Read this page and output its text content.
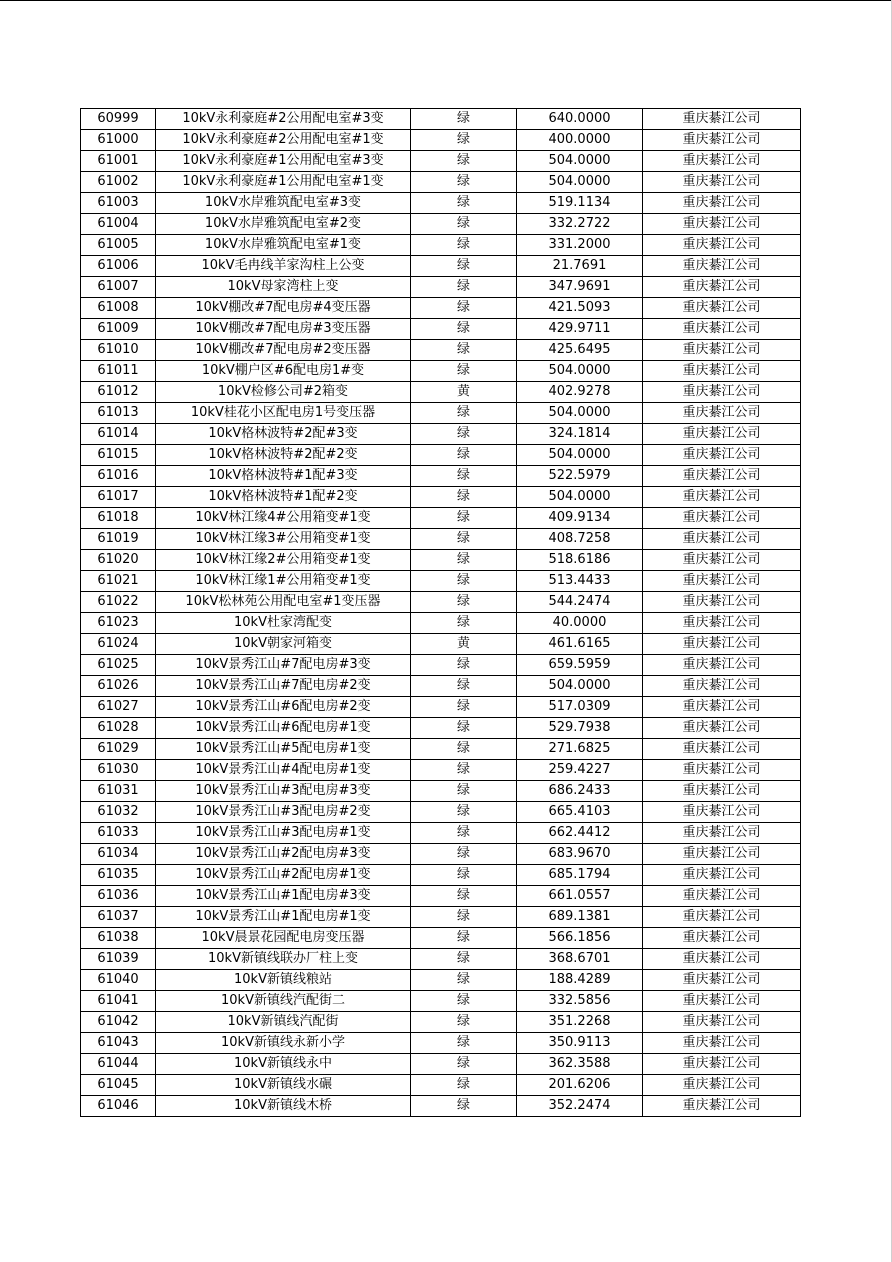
60999	10kV永利豪庭#2公用配电室#3变	绿	640.0000	重庆綦江公司
61000	10kV永利豪庭#2公用配电室#1变	绿	400.0000	重庆綦江公司
61001	10kV永利豪庭#1公用配电室#3变	绿	504.0000	重庆綦江公司
61002	10kV永利豪庭#1公用配电室#1变	绿	504.0000	重庆綦江公司
61003	10kV水岸雅筑配电室#3变	绿	519.1134	重庆綦江公司
61004	10kV水岸雅筑配电室#2变	绿	332.2722	重庆綦江公司
61005	10kV水岸雅筑配电室#1变	绿	331.2000	重庆綦江公司
61006	10kV毛冉线羊家沟柱上公变	绿	21.7691	重庆綦江公司
61007	10kV母家湾柱上变	绿	347.9691	重庆綦江公司
61008	10kV棚改#7配电房#4变压器	绿	421.5093	重庆綦江公司
61009	10kV棚改#7配电房#3变压器	绿	429.9711	重庆綦江公司
61010	10kV棚改#7配电房#2变压器	绿	425.6495	重庆綦江公司
61011	10kV棚户区#6配电房1#变	绿	504.0000	重庆綦江公司
61012	10kV检修公司#2箱变	黄	402.9278	重庆綦江公司
61013	10kV桂花小区配电房1号变压器	绿	504.0000	重庆綦江公司
61014	10kV格林波特#2配#3变	绿	324.1814	重庆綦江公司
61015	10kV格林波特#2配#2变	绿	504.0000	重庆綦江公司
61016	10kV格林波特#1配#3变	绿	522.5979	重庆綦江公司
61017	10kV格林波特#1配#2变	绿	504.0000	重庆綦江公司
61018	10kV林江缘4#公用箱变#1变	绿	409.9134	重庆綦江公司
61019	10kV林江缘3#公用箱变#1变	绿	408.7258	重庆綦江公司
61020	10kV林江缘2#公用箱变#1变	绿	518.6186	重庆綦江公司
61021	10kV林江缘1#公用箱变#1变	绿	513.4433	重庆綦江公司
61022	10kV松林苑公用配电室#1变压器	绿	544.2474	重庆綦江公司
61023	10kV杜家湾配变	绿	40.0000	重庆綦江公司
61024	10kV朝家河箱变	黄	461.6165	重庆綦江公司
61025	10kV景秀江山#7配电房#3变	绿	659.5959	重庆綦江公司
61026	10kV景秀江山#7配电房#2变	绿	504.0000	重庆綦江公司
61027	10kV景秀江山#6配电房#2变	绿	517.0309	重庆綦江公司
61028	10kV景秀江山#6配电房#1变	绿	529.7938	重庆綦江公司
61029	10kV景秀江山#5配电房#1变	绿	271.6825	重庆綦江公司
61030	10kV景秀江山#4配电房#1变	绿	259.4227	重庆綦江公司
61031	10kV景秀江山#3配电房#3变	绿	686.2433	重庆綦江公司
61032	10kV景秀江山#3配电房#2变	绿	665.4103	重庆綦江公司
61033	10kV景秀江山#3配电房#1变	绿	662.4412	重庆綦江公司
61034	10kV景秀江山#2配电房#3变	绿	683.9670	重庆綦江公司
61035	10kV景秀江山#2配电房#1变	绿	685.1794	重庆綦江公司
61036	10kV景秀江山#1配电房#3变	绿	661.0557	重庆綦江公司
61037	10kV景秀江山#1配电房#1变	绿	689.1381	重庆綦江公司
61038	10kV晨景花园配电房变压器	绿	566.1856	重庆綦江公司
61039	10kV新镇线联办厂柱上变	绿	368.6701	重庆綦江公司
61040	10kV新镇线粮站	绿	188.4289	重庆綦江公司
61041	10kV新镇线汽配街二	绿	332.5856	重庆綦江公司
61042	10kV新镇线汽配街	绿	351.2268	重庆綦江公司
61043	10kV新镇线永新小学	绿	350.9113	重庆綦江公司
61044	10kV新镇线永中	绿	362.3588	重庆綦江公司
61045	10kV新镇线水碾	绿	201.6206	重庆綦江公司
61046	10kV新镇线木桥	绿	352.2474	重庆綦江公司
